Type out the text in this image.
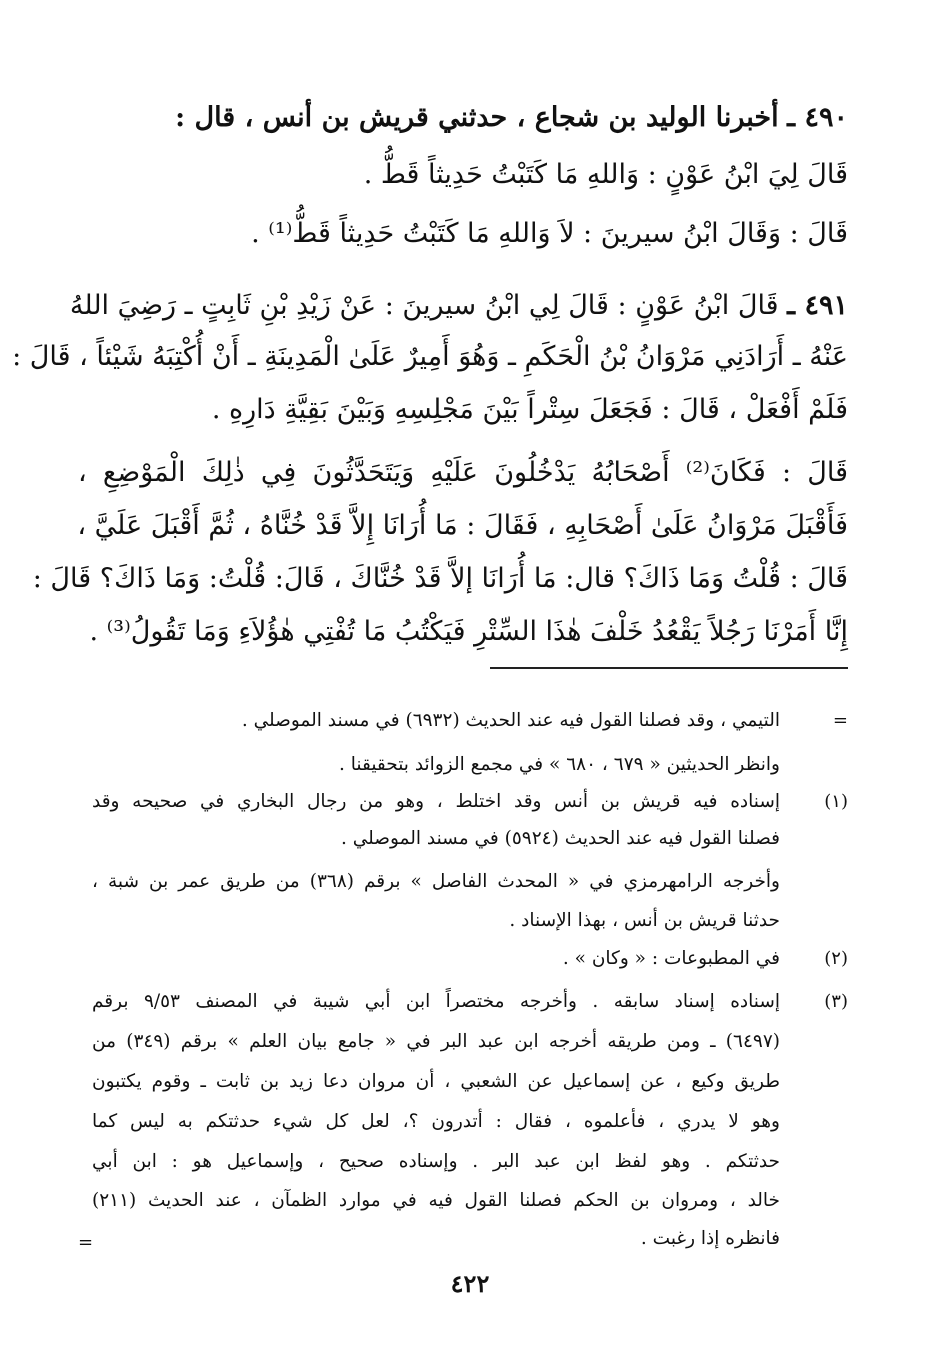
٤٩٠ ـ أخبرنا الوليد بن شجاع ، حدثني قريش بن أنس ، قال :
قَالَ لِيَ ابْنُ عَوْنٍ : وَاللهِ مَا كَتَبْتُ حَدِيثاً قَطُّ .
قَالَ : وَقَالَ ابْنُ سيرينَ : لاَ وَاللهِ مَا كَتَبْتُ حَدِيثاً قَطُّ⁽¹⁾ .
٤٩١ ـ قَالَ ابْنُ عَوْنٍ : قَالَ لِي ابْنُ سيرينَ : عَنْ زَيْدِ بْنِ ثَابِتٍ ـ رَضِيَ اللهُ
عَنْهُ ـ أَرَادَنِي مَرْوَانُ بْنُ الْحَكَمِ ـ وَهُوَ أَمِيرٌ عَلَىٰ الْمَدِينَةِ ـ أَنْ أُكْتِبَهُ شَيْئاً ، قَالَ :
فَلَمْ أَفْعَلْ ، قَالَ : فَجَعَلَ سِتْراً بَيْنَ مَجْلِسِهِ وَبَيْنَ بَقِيَّةِ دَارِهِ .
قَالَ : فَكَانَ⁽²⁾ أَصْحَابُهُ يَدْخُلُونَ عَلَيْهِ وَيَتَحَدَّثُونَ فِي ذٰلِكَ الْمَوْضِعِ ،
فَأَقْبَلَ مَرْوَانُ عَلَىٰ أَصْحَابِهِ ، فَقَالَ : مَا أُرَانَا إِلاَّ قَدْ خُنَّاهُ ، ثُمَّ أَقْبَلَ عَلَيَّ ،
قَالَ : قُلْتُ وَمَا ذَاكَ؟ قال: مَا أُرَانَا إلاَّ قَدْ خُنَّاكَ ، قَالَ: قُلْتُ: وَمَا ذَاكَ؟ قَالَ :
إِنَّا أَمَرْنَا رَجُلاً يَقْعُدُ خَلْفَ هٰذَا السِّتْرِ فَيَكْتُبُ مَا تُفْتِي هٰؤُلاَءِ وَمَا تَقُولُ⁽³⁾ .
=
التيمي ، وقد فصلنا القول فيه عند الحديث (٦٩٣٢) في مسند الموصلي .
وانظر الحديثين « ٦٧٩ ، ٦٨٠ » في مجمع الزوائد بتحقيقنا .
(١)
إسناده فيه قريش بن أنس وقد اختلط ، وهو من رجال البخاري في صحيحه وقد
فصلنا القول فيه عند الحديث (٥٩٢٤) في مسند الموصلي .
وأخرجه الرامهرمزي في « المحدث الفاصل » برقم (٣٦٨) من طريق عمر بن شبة ،
حدثنا قريش بن أنس ، بهذا الإسناد .
(٢)
في المطبوعات : « وكان » .
(٣)
إسناده إسناد سابقه . وأخرجه مختصراً ابن أبي شيبة في المصنف ٩/٥٣ برقم
(٦٤٩٧) ـ ومن طريقه أخرجه ابن عبد البر في « جامع بيان العلم » برقم (٣٤٩) من
طريق وكيع ، عن إسماعيل عن الشعبي ، أن مروان دعا زيد بن ثابت ـ وقوم يكتبون
وهو لا يدري ، فأعلموه ، فقال : أتدرون ؟، لعل كل شيء حدثتكم به ليس كما
حدثتكم . وهو لفظ ابن عبد البر . وإسناده صحيح ، وإسماعيل هو : ابن أبي
خالد ، ومروان بن الحكم فصلنا القول فيه في موارد الظمآن ، عند الحديث (٢١١)
فانظره إذا رغبت .
=
٤٢٢
